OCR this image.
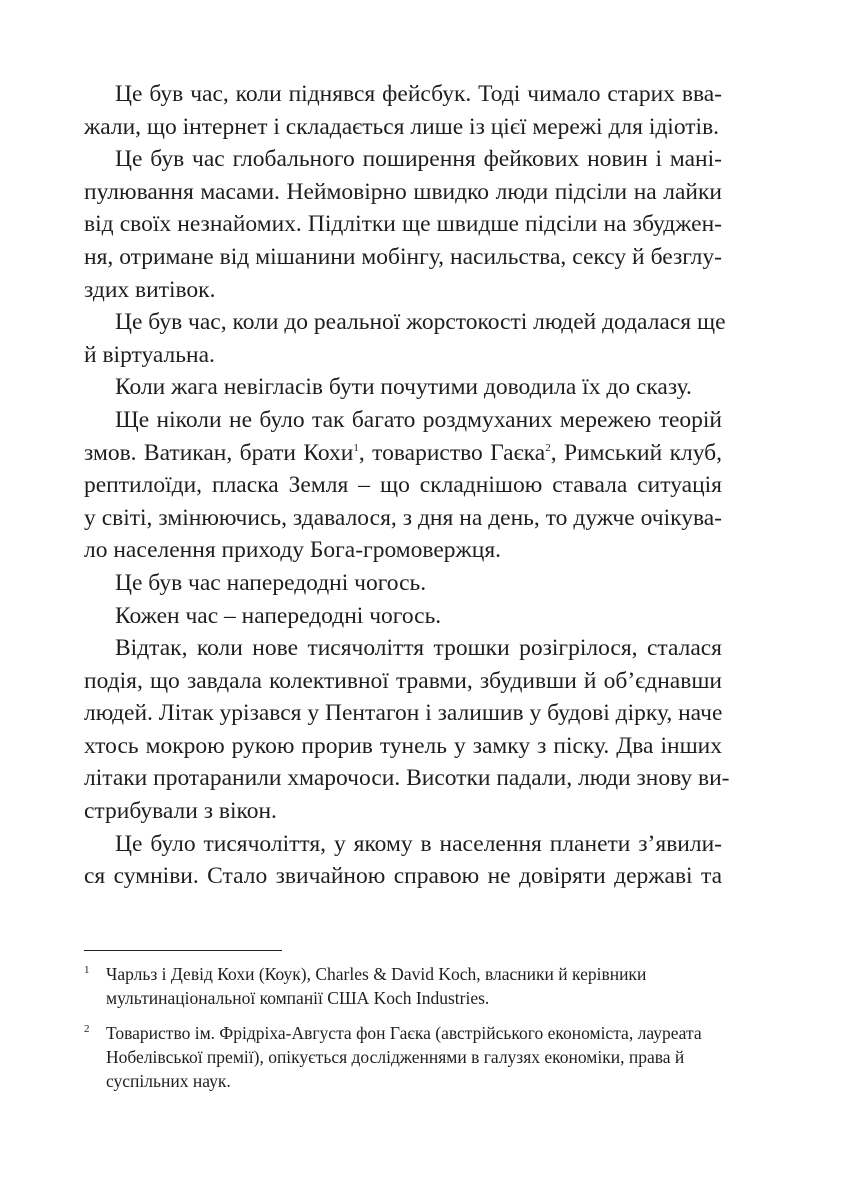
Це був час, коли піднявся фейсбук. Тоді чимало старих вва-
жали, що інтернет і складається лише із цієї мережі для ідіотів.
Це був час глобального поширення фейкових новин і мані-
пулювання масами. Неймовірно швидко люди підсіли на лайки
від своїх незнайомих. Підлітки ще швидше підсіли на збуджен-
ня, отримане від мішанини мобінгу, насильства, сексу й безглу-
здих витівок.
Це був час, коли до реальної жорстокості людей додалася ще
й віртуальна.
Коли жага невігласів бути почутими доводила їх до сказу.
Ще ніколи не було так багато роздмуханих мережею теорій
змов. Ватикан, брати Кохи$^1$, товариство Гаєка$^2$, Римський клуб,
рептилоїди, пласка Земля – що складнішою ставала ситуація
у світі, змінюючись, здавалося, з дня на день, то дужче очікува-
ло населення приходу Бога-громовержця.
Це був час напередодні чогось.
Кожен час – напередодні чогось.
Відтак, коли нове тисячоліття трошки розігрілося, сталася
подія, що завдала колективної травми, збудивши й об’єднавши
людей. Літак урізався у Пентагон і залишив у будові дірку, наче
хтось мокрою рукою прорив тунель у замку з піску. Два інших
літаки протаранили хмарочоси. Висотки падали, люди знову ви-
стрибували з вікон.
Це було тисячоліття, у якому в населення планети з’явили-
ся сумніви. Стало звичайною справою не довіряти державі та
1 Чарльз і Девід Кохи (Коук), Charles & David Koch, власники й керівники мультинаціональної компанії США Koch Industries.
2 Товариство ім. Фрідріха-Августа фон Гаєка (австрійського економіста, лауреата Нобелівської премії), опікується дослідженнями в галузях економіки, права й суспільних наук.
